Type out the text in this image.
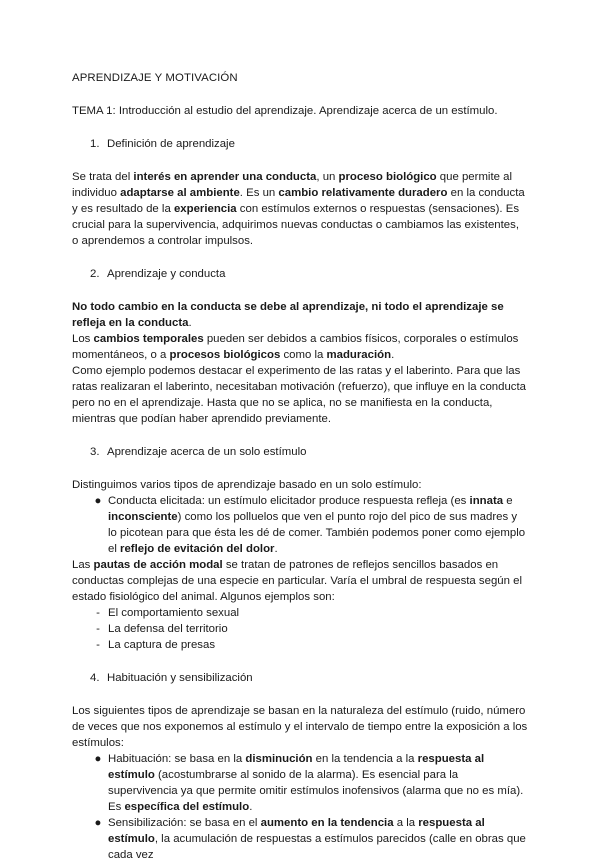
APRENDIZAJE Y MOTIVACIÓN

TEMA 1: Introducción al estudio del aprendizaje. Aprendizaje acerca de un estímulo.

1. Definición de aprendizaje

Se trata del interés en aprender una conducta, un proceso biológico que permite al individuo adaptarse al ambiente. Es un cambio relativamente duradero en la conducta y es resultado de la experiencia con estímulos externos o respuestas (sensaciones). Es crucial para la supervivencia, adquirimos nuevas conductas o cambiamos las existentes, o aprendemos a controlar impulsos.

2. Aprendizaje y conducta

No todo cambio en la conducta se debe al aprendizaje, ni todo el aprendizaje se refleja en la conducta.

Los cambios temporales pueden ser debidos a cambios físicos, corporales o estímulos momentáneos, o a procesos biológicos como la maduración.

Como ejemplo podemos destacar el experimento de las ratas y el laberinto. Para que las ratas realizaran el laberinto, necesitaban motivación (refuerzo), que influye en la conducta pero no en el aprendizaje. Hasta que no se aplica, no se manifiesta en la conducta, mientras que podían haber aprendido previamente.

3. Aprendizaje acerca de un solo estímulo

Distinguimos varios tipos de aprendizaje basado en un solo estímulo:

● Conducta elicitada: un estímulo elicitador produce respuesta refleja (es innata e inconsciente) como los polluelos que ven el punto rojo del pico de sus madres y lo picotean para que ésta les dé de comer. También podemos poner como ejemplo el reflejo de evitación del dolor.

Las pautas de acción modal se tratan de patrones de reflejos sencillos basados en conductas complejas de una especie en particular. Varía el umbral de respuesta según el estado fisiológico del animal. Algunos ejemplos son:

- El comportamiento sexual
- La defensa del territorio
- La captura de presas
4. Habituación y sensibilización

Los siguientes tipos de aprendizaje se basan en la naturaleza del estímulo (ruido, número de veces que nos exponemos al estímulo y el intervalo de tiempo entre la exposición a los estímulos:

● Habituación: se basa en la disminución en la tendencia a la respuesta al estímulo (acostumbrarse al sonido de la alarma). Es esencial para la supervivencia ya que permite omitir estímulos inofensivos (alarma que no es mía). Es específica del estímulo.
● Sensibilización: se basa en el aumento en la tendencia a la respuesta al estímulo, la acumulación de respuestas a estímulos parecidos (calle en obras que cada vez
